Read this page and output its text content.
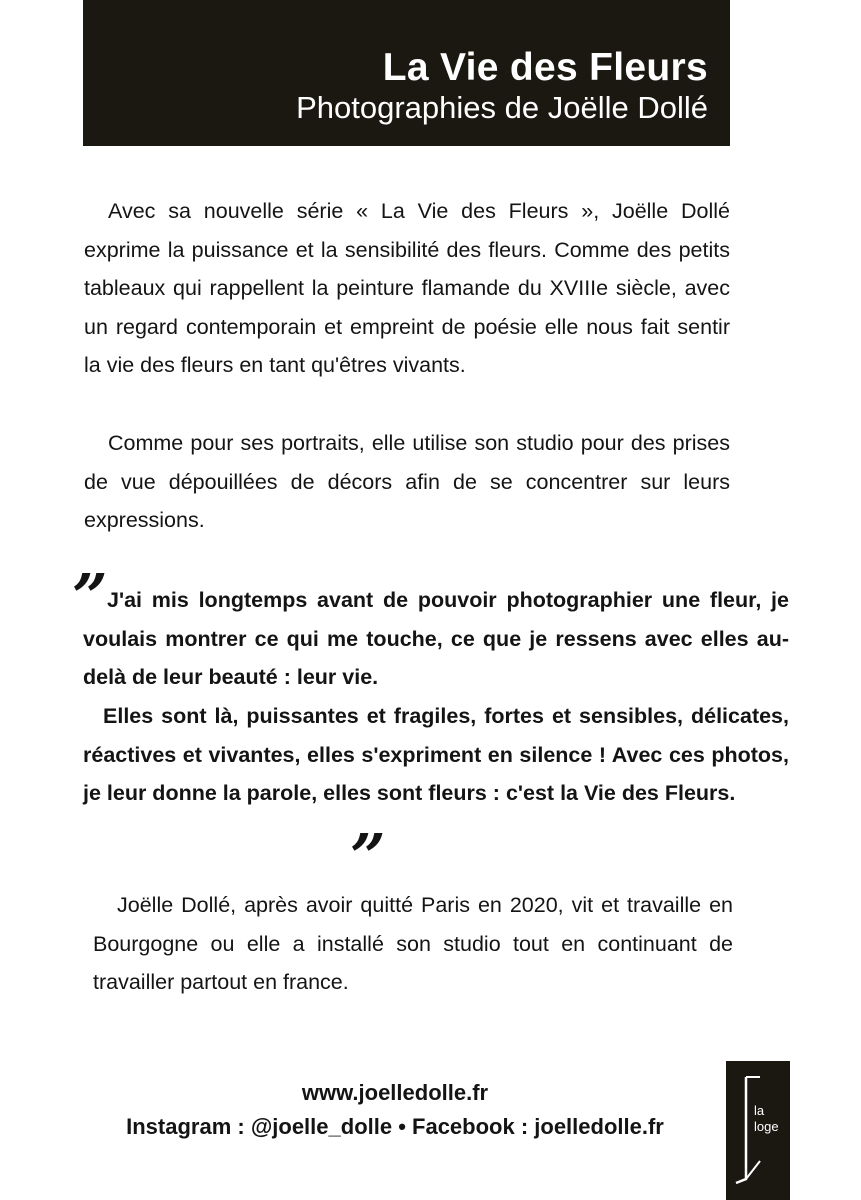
La Vie des Fleurs
Photographies de Joëlle Dollé

Avec sa nouvelle série « La Vie des Fleurs », Joëlle Dollé exprime la puissance et la sensibilité des fleurs. Comme des petits tableaux qui rappellent la peinture flamande du XVIIIe siècle, avec un regard contemporain et empreint de poésie elle nous fait sentir la vie des fleurs en tant qu'êtres vivants.

Comme pour ses portraits, elle utilise son studio pour des prises de vue dépouillées de décors afin de se concentrer sur leurs expressions.

” J'ai mis longtemps avant de pouvoir photographier une fleur, je voulais montrer ce qui me touche, ce que je ressens avec elles au-delà de leur beauté : leur vie.

Elles sont là, puissantes et fragiles, fortes et sensibles, délicates, réactives et vivantes, elles s'expriment en silence ! Avec ces photos, je leur donne la parole, elles sont fleurs : c'est la Vie des Fleurs.

”

Joëlle Dollé, après avoir quitté Paris en 2020, vit et travaille en Bourgogne ou elle a installé son studio tout en continuant de travailler partout en france.

www.joelledolle.fr
Instagram : @joelle_dolle • Facebook : joelledolle.fr
la
loge
